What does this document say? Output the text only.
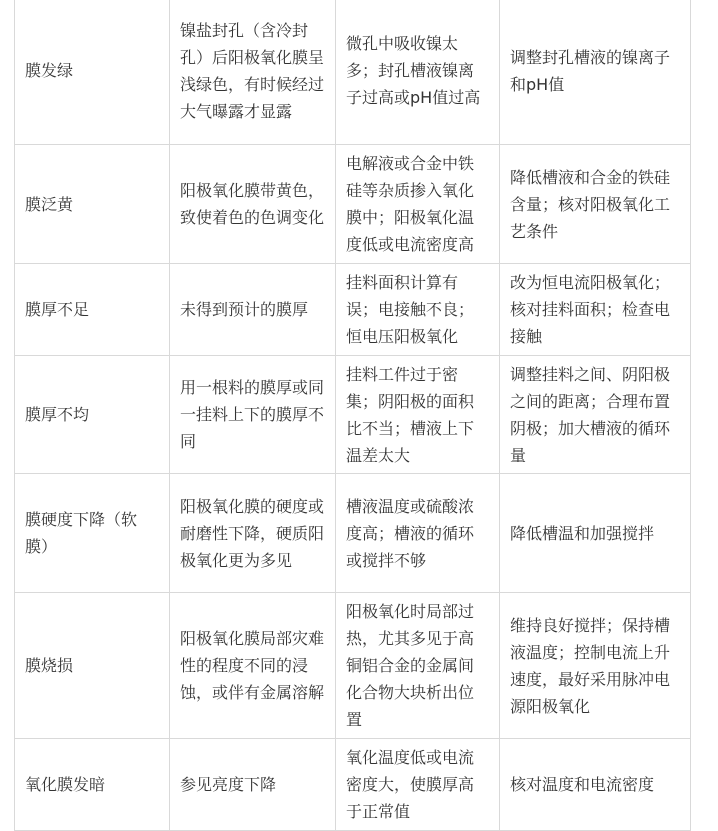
膜发绿	镍盐封孔（含冷封孔）后阳极氧化膜呈浅绿色，有时候经过大气曝露才显露	微孔中吸收镍太多；封孔槽液镍离子过高或pH值过高	调整封孔槽液的镍离子和pH值
膜泛黄	阳极氧化膜带黄色，致使着色的色调变化	电解液或合金中铁硅等杂质掺入氧化膜中；阳极氧化温度低或电流密度高	降低槽液和合金的铁硅含量；核对阳极氧化工艺条件
膜厚不足	未得到预计的膜厚	挂料面积计算有误；电接触不良；恒电压阳极氧化	改为恒电流阳极氧化；核对挂料面积；检查电接触
膜厚不均	用一根料的膜厚或同一挂料上下的膜厚不同	挂料工件过于密集；阴阳极的面积比不当；槽液上下温差太大	调整挂料之间、阴阳极之间的距离；合理布置阴极；加大槽液的循环量
膜硬度下降（软膜）	阳极氧化膜的硬度或耐磨性下降，硬质阳极氧化更为多见	槽液温度或硫酸浓度高；槽液的循环或搅拌不够	降低槽温和加强搅拌
膜烧损	阳极氧化膜局部灾难性的程度不同的浸蚀，或伴有金属溶解	阳极氧化时局部过热，尤其多见于高铜铝合金的金属间化合物大块析出位置	维持良好搅拌；保持槽液温度；控制电流上升速度，最好采用脉冲电源阳极氧化
氧化膜发暗	参见亮度下降	氧化温度低或电流密度大，使膜厚高于正常值	核对温度和电流密度
